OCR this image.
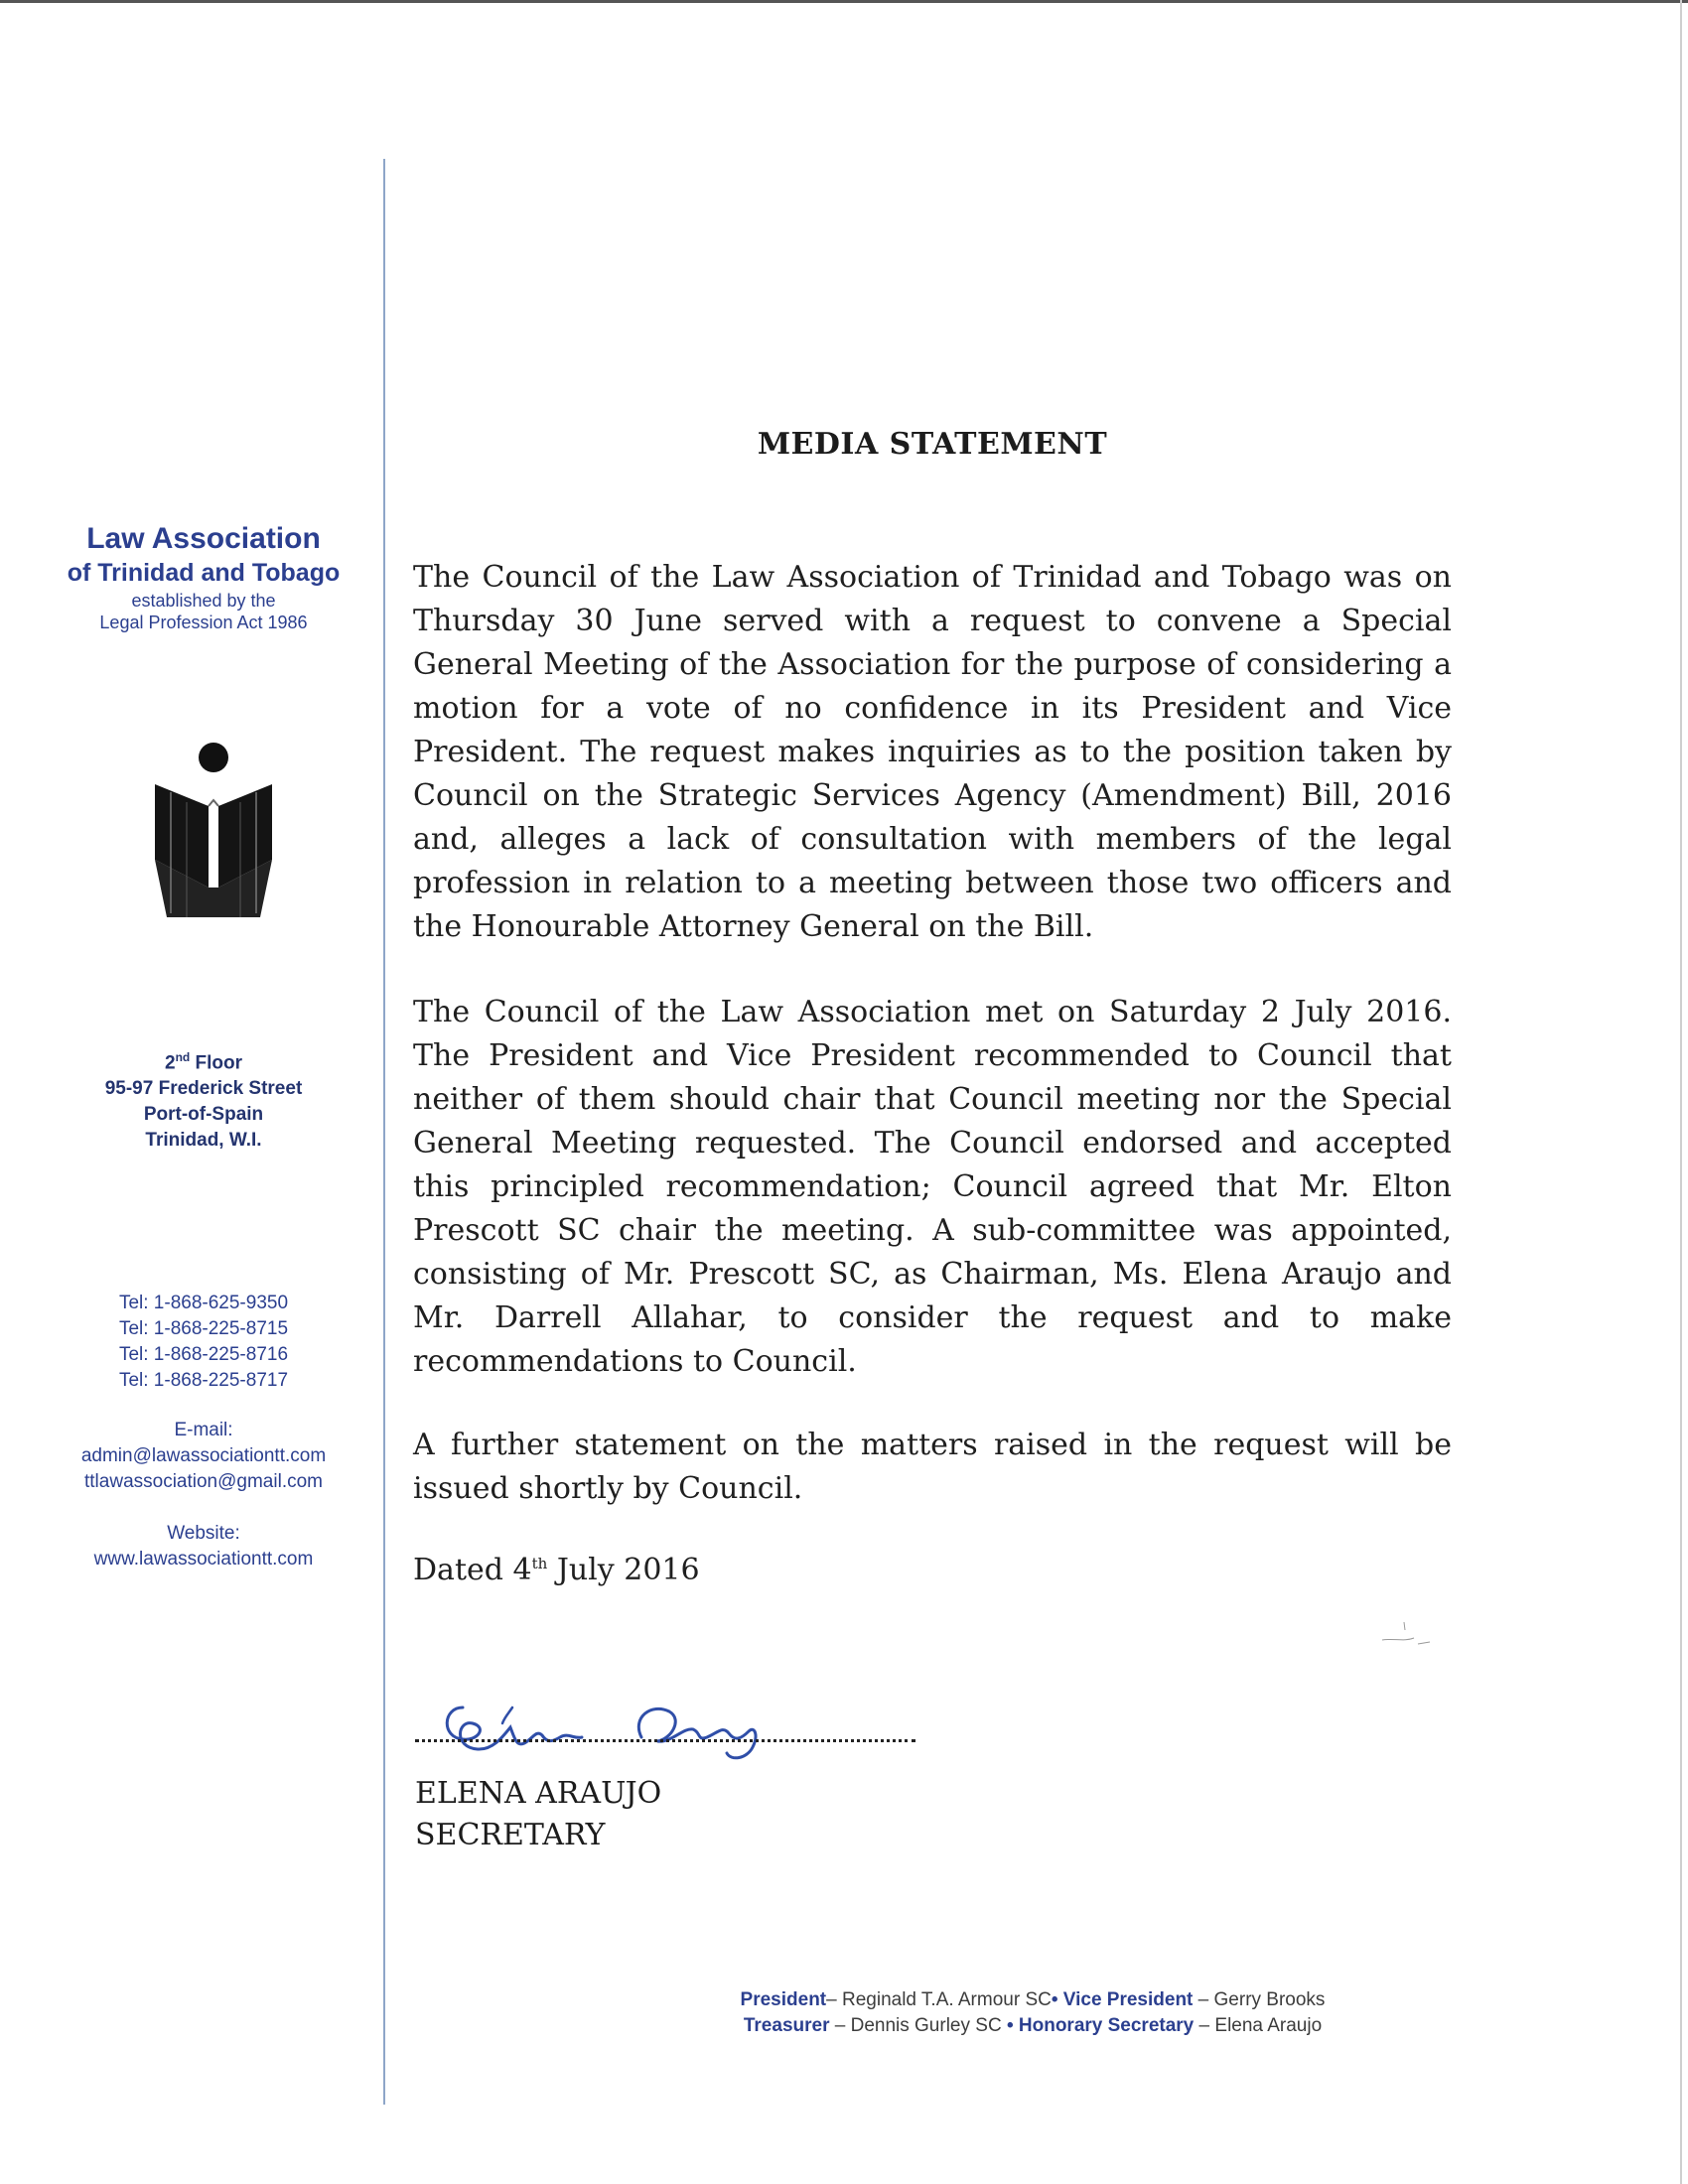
Law Association
of Trinidad and Tobago
established by the
Legal Profession Act 1986
2nd Floor
95-97 Frederick Street
Port-of-Spain
Trinidad, W.I.
Tel: 1-868-625-9350
Tel: 1-868-225-8715
Tel: 1-868-225-8716
Tel: 1-868-225-8717
E-mail:
admin@lawassociationtt.com
ttlawassociation@gmail.com
Website:
www.lawassociationtt.com
MEDIA STATEMENT
The Council of the Law Association of Trinidad and Tobago was on Thursday 30 June served with a request to convene a Special General Meeting of the Association for the purpose of considering a motion for a vote of no confidence in its President and Vice President. The request makes inquiries as to the position taken by Council on the Strategic Services Agency (Amendment) Bill, 2016 and, alleges a lack of consultation with members of the legal profession in relation to a meeting between those two officers and the Honourable Attorney General on the Bill.
The Council of the Law Association met on Saturday 2 July 2016. The President and Vice President recommended to Council that neither of them should chair that Council meeting nor the Special General Meeting requested. The Council endorsed and accepted this principled recommendation; Council agreed that Mr. Elton Prescott SC chair the meeting. A sub-committee was appointed, consisting of Mr. Prescott SC, as Chairman, Ms. Elena Araujo and Mr. Darrell Allahar, to consider the request and to make recommendations to Council.
A further statement on the matters raised in the request will be issued shortly by Council.
Dated 4th July 2016
ELENA ARAUJO
SECRETARY
President– Reginald T.A. Armour SC• Vice President – Gerry Brooks
Treasurer – Dennis Gurley SC • Honorary Secretary – Elena Araujo
